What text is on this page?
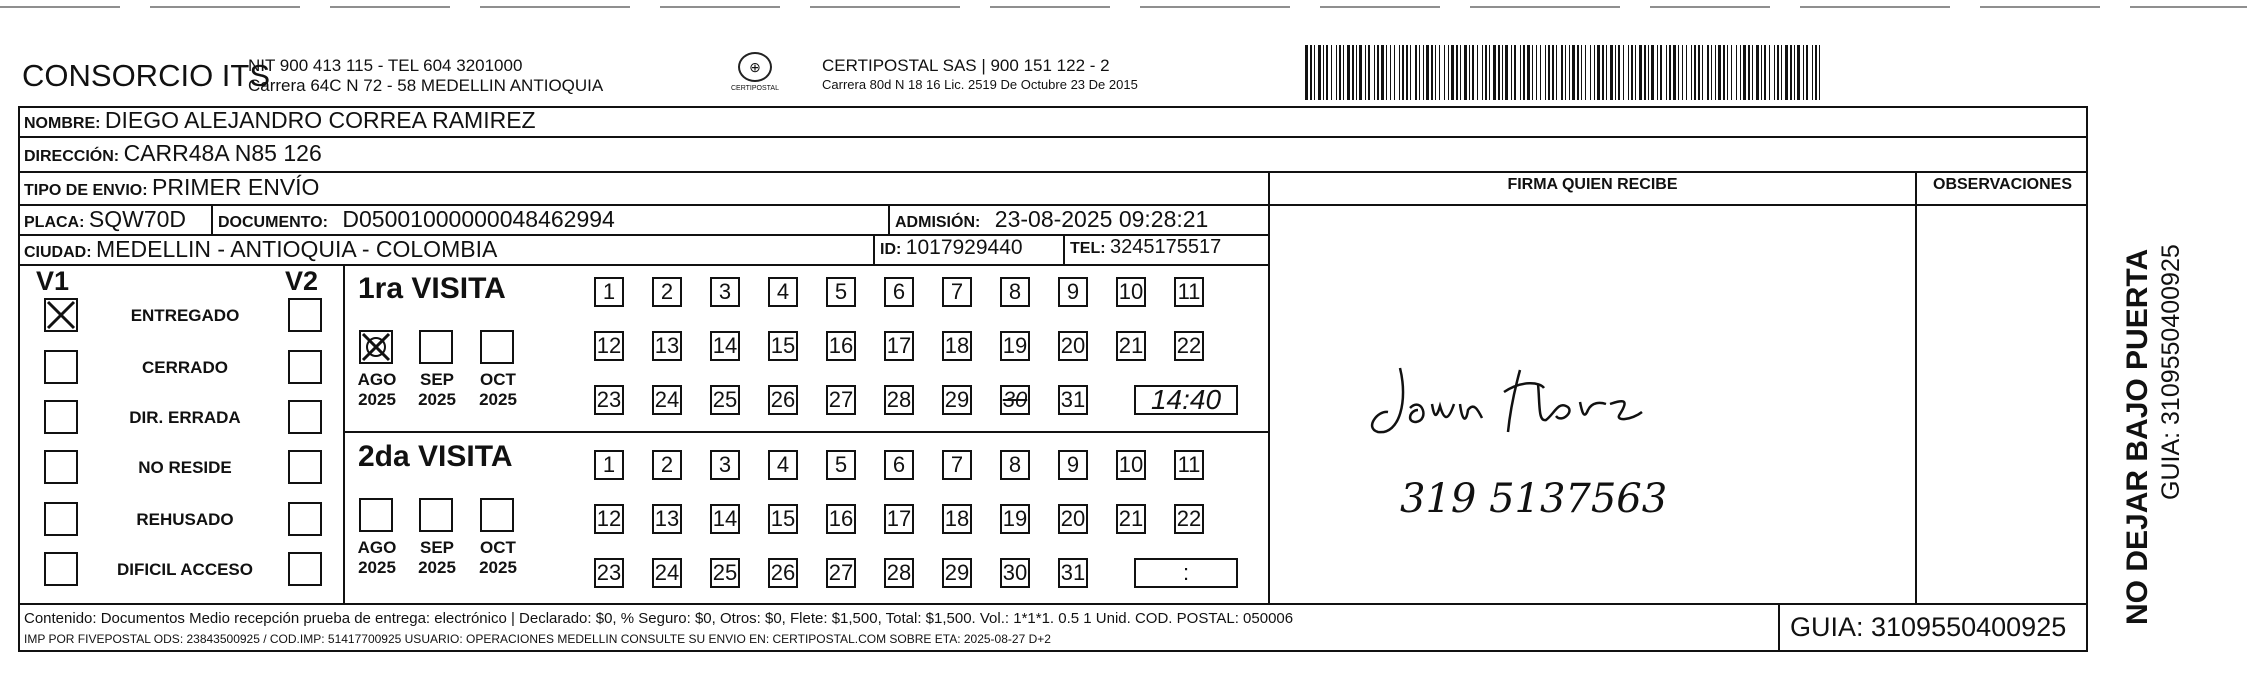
CONSORCIO ITS
NIT 900 413 115 - TEL 604 3201000
Carrera 64C N 72 - 58 MEDELLIN ANTIOQUIA
⊕
CERTIPOSTAL
CERTIPOSTAL SAS | 900 151 122 - 2
Carrera 80d N 18 16 Lic. 2519 De Octubre 23 De 2015
NOMBRE: DIEGO ALEJANDRO CORREA RAMIREZ
DIRECCIÓN: CARR48A N85 126
TIPO DE ENVIO: PRIMER ENVÍO
PLACA: SQW70D DOCUMENTO: D05001000000048462994	ADMISIÓN: 23-08-2025 09:28:21
CIUDAD: MEDELLIN - ANTIOQUIA - COLOMBIA	ID: 1017929440	TEL: 3245175517
FIRMA QUIEN RECIBE	OBSERVACIONES
V1	V2
ENTREGADO
CERRADO
DIR. ERRADA
NO RESIDE
REHUSADO
DIFICIL ACCESO
1ra VISITA
2da VISITA
AGO
2025
SEP
2025
OCT
2025
AGO
2025
SEP
2025
OCT
2025
1	2	3	4	5	6	7	8	9	10 11
12 13 14 15 16 17 18 19 20 21 22
23 24 25 26 27 28 29 30 31	14:40
1	2	3	4	5	6	7	8	9	10 11
12 13 14 15 16 17 18 19 20 21 22
23 24 25 26 27 28 29 30 31	:
319 5137563	NO DEJAR BAJO PUERTA GUIA: 3109550400925
Contenido: Documentos Medio recepción prueba de entrega: electrónico | Declarado: $0, % Seguro: $0, Otros: $0, Flete: $1,500, Total: $1,500. Vol.: 1*1*1. 0.5 1 Unid. COD. POSTAL: 050006
IMP POR FIVEPOSTAL ODS: 23843500925 / COD.IMP: 51417700925 USUARIO: OPERACIONES MEDELLIN CONSULTE SU ENVIO EN: CERTIPOSTAL.COM SOBRE ETA: 2025-08-27 D+2	GUIA: 3109550400925
